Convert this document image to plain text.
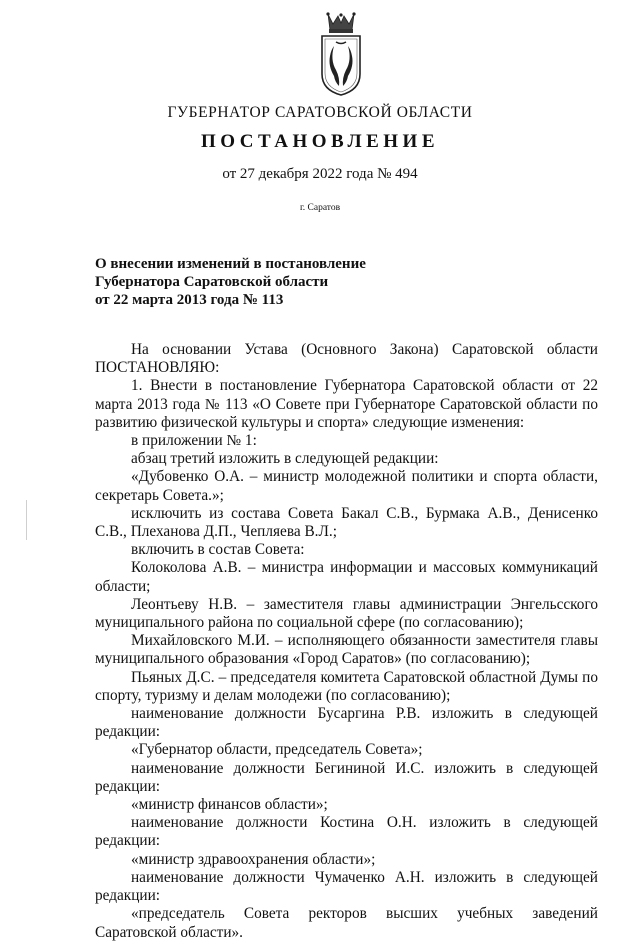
ГУБЕРНАТОР САРАТОВСКОЙ ОБЛАСТИ
ПОСТАНОВЛЕНИЕ
от 27 декабря 2022 года № 494
г. Саратов
О внесении изменений в постановление
Губернатора Саратовской области
от 22 марта 2013 года № 113

На основании Устава (Основного Закона) Саратовской области ПОСТАНОВЛЯЮ:

1. Внести в постановление Губернатора Саратовской области от 22 марта 2013 года № 113 «О Совете при Губернаторе Саратовской области по развитию физической культуры и спорта» следующие изменения:

в приложении № 1:

абзац третий изложить в следующей редакции:

«Дубовенко О.А. – министр молодежной политики и спорта области, секретарь Совета.»;

исключить из состава Совета Бакал С.В., Бурмака А.В., Денисенко С.В., Плеханова Д.П., Чепляева В.Л.;

включить в состав Совета:

Колоколова А.В. – министра информации и массовых коммуникаций области;

Леонтьеву Н.В. – заместителя главы администрации Энгельсского муниципального района по социальной сфере (по согласованию);

Михайловского М.И. – исполняющего обязанности заместителя главы муниципального образования «Город Саратов» (по согласованию);

Пьяных Д.С. – председателя комитета Саратовской областной Думы по спорту, туризму и делам молодежи (по согласованию);

наименование должности Бусаргина Р.В. изложить в следующей редакции:

«Губернатор области, председатель Совета»;

наименование должности Бегининой И.С. изложить в следующей редакции:

«министр финансов области»;

наименование должности Костина О.Н. изложить в следующей редакции:

«министр здравоохранения области»;

наименование должности Чумаченко А.Н. изложить в следующей редакции:

«председатель Совета ректоров высших учебных заведений Саратовской области».
